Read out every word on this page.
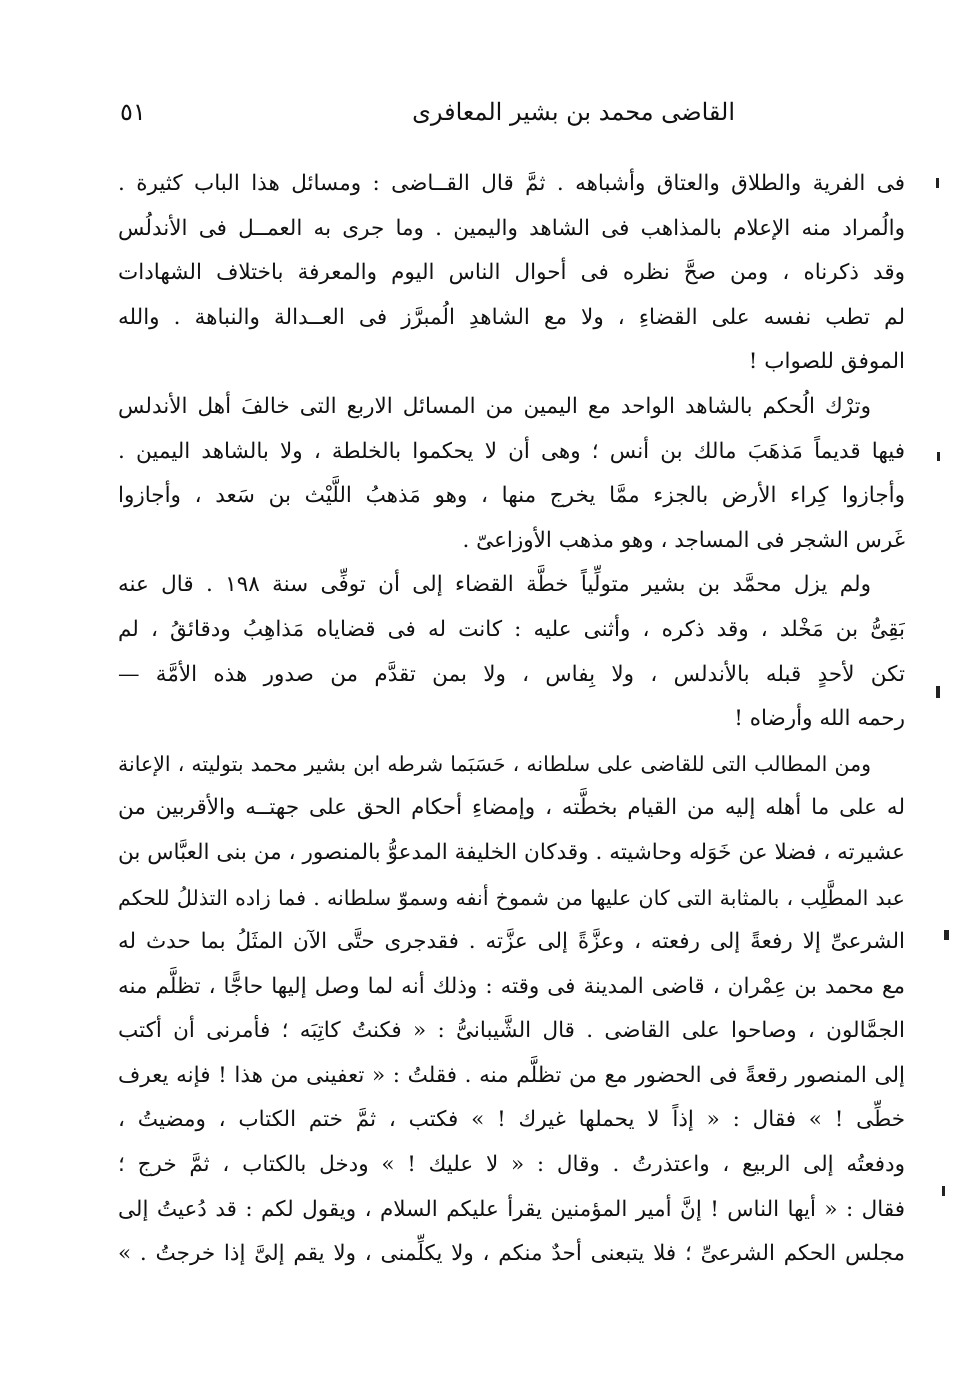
القاضى محمد بن بشير المعافرى
٥١
فى الفرية والطلاق والعتاق وأشباهه . ثمَّ قال القــاضى : ومسائل هذا الباب كثيرة .
والُمراد منه الإعلام بالمذاهب فى الشاهد واليمين . وما جرى به العمــل فى الأندلُس
وقد ذكرناه ، ومن صحَّ نظره فى أحوال الناس اليوم والمعرفة باختلاف الشهادات
لم تطب نفسه على القضاءِ ، ولا مع الشاهدِ الُمبرَّز فى العــدالة والنباهة . والله
الموفق للصواب !
وترْك الُحكم بالشاهد الواحد مع اليمين من المسائل الاربع التى خالفَ أهل الأندلس
فيها قديماً مَذهَبَ مالك بن أنس ؛ وهى أن لا يحكموا بالخلطة ، ولا بالشاهد اليمين .
وأجازوا كِراء الأرض بالجزء ممَّا يخرج منها ، وهو مَذهبُ اللَّيْث بن سَعد ، وأجازوا
غَرس الشجر فى المساجد ، وهو مذهب الأوزاعىّ .
ولم يزل محمَّد بن بشير متولِّياً خطَّة القضاء إلى أن توفِّى سنة ١٩٨ . قال عنه
بَقِىُّ بن مَخْلد ، وقد ذكره ، وأثنى عليه : كانت له فى قضاياه مَذاهِبُ ودقائقُ ، لم
تكن لأحدٍ قبله بالأندلس ، ولا بِفاس ، ولا بمن تقدَّم من صدور هذه الأمَّة —
رحمه الله وأرضاه !
ومن المطالب التى للقاضى على سلطانه ، حَسَبَما شرطه ابن بشير محمد بتوليته ، الإعانة
له على ما أهله إليه من القيام بخطَّته ، وإمضاءِ أحكام الحق على جهتــه والأقربين من
عشيرته ، فضلا عن خَوَله وحاشيته . وقدكان الخليفة المدعوُّ بالمنصور ، من بنى العبَّاس بن
عبد المطَّلِب ، بالمثابة التى كان عليها من شموخ أنفه وسموّ سلطانه . فما زاده التذللُ للحكم
الشرعىِّ إلا رفعةً إلى رفعته ، وعزَّةً إلى عزَّته . فقدجرى حتَّى الآن المثَلُ بما حدث له
مع محمد بن عِمْران ، قاضى المدينة فى وقته : وذلك أنه لما وصل إليها حاجًّا ، تظلَّم منه
الجمَّالون ، وصاحوا على القاضى . قال الشَّيبانىُّ : « فكنتُ كاتِبَه ؛ فأمرنى أن أكتب
إلى المنصور رقعةً فى الحضور مع من تظلَّم منه . فقلتُ : « تعفينى من هذا ! فإنه يعرف
خطِّى ! » فقال : « إذاً لا يحملها غيرك ! » فكتب ، ثمَّ ختم الكتاب ، ومضيتُ ،
ودفعتُه إلى الربيع ، واعتذرتُ . وقال : « لا عليك ! » ودخل بالكتاب ، ثمَّ خرج ؛
فقال : « أيها الناس ! إنَّ أمير المؤمنين يقرأ عليكم السلام ، ويقول لكم : قد دُعيتُ إلى
مجلس الحكم الشرعىِّ ؛ فلا يتبعنى أحدٌ منكم ، ولا يكلِّمنى ، ولا يقم إلىَّ إذا خرجتُ . »
